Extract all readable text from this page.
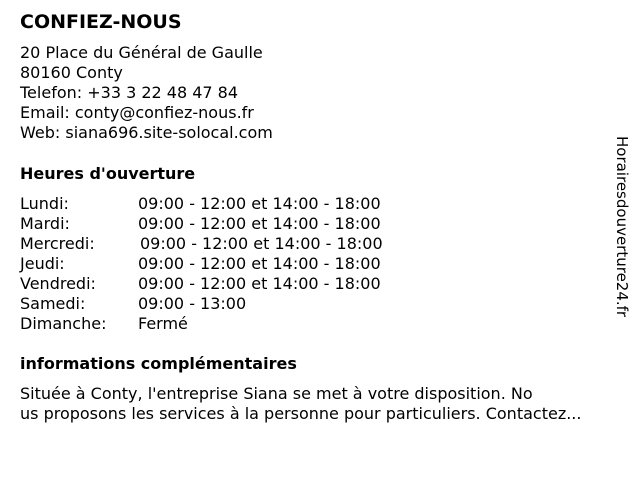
CONFIEZ-NOUS
20 Place du Général de Gaulle
80160 Conty
Telefon: +33 3 22 48 47 84
Email: conty@confiez-nous.fr
Web: siana696.site-solocal.com
Heures d'ouverture
Lundi:	09:00 - 12:00 et 14:00 - 18:00
Mardi:	09:00 - 12:00 et 14:00 - 18:00
Mercredi:	09:00 - 12:00 et 14:00 - 18:00
Jeudi:	09:00 - 12:00 et 14:00 - 18:00
Vendredi:	09:00 - 12:00 et 14:00 - 18:00
Samedi:	09:00 - 13:00
Dimanche: Fermé
informations complémentaires
Située à Conty, l'entreprise Siana se met à votre disposition. No
us proposons les services à la personne pour particuliers. Contactez...
Horairesdouverture24.fr
